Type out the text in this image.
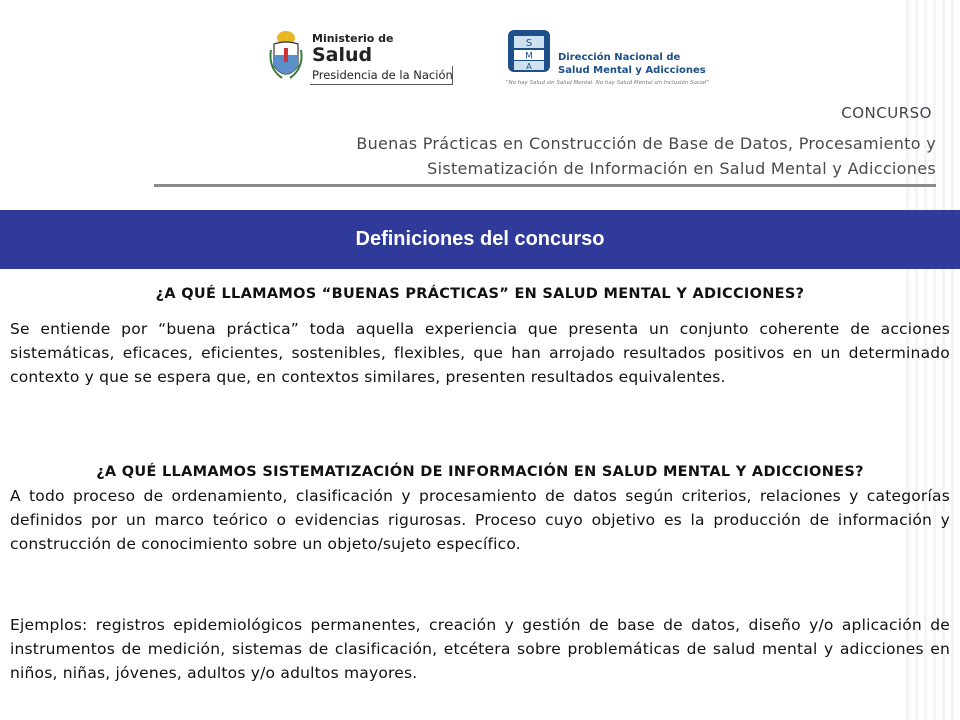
Ministerio de
Salud
Presidencia de la Nación
S
M
A
Dirección Nacional de
Salud Mental y Adicciones
"No hay Salud sin Salud Mental. No hay Salud Mental sin Inclusión Social"
CONCURSO
Buenas Prácticas en Construcción de Base de Datos, Procesamiento y
Sistematización de Información en Salud Mental y Adicciones
Definiciones del concurso

¿A QUÉ LLAMAMOS “BUENAS PRÁCTICAS” EN SALUD MENTAL Y ADICCIONES?

Se entiende por “buena práctica” toda aquella experiencia que presenta un conjunto coherente de acciones sistemáticas, eficaces, eficientes, sostenibles, flexibles, que han arrojado resultados positivos en un determinado contexto y que se espera que, en contextos similares, presenten resultados equivalentes.

¿A QUÉ LLAMAMOS SISTEMATIZACIÓN DE INFORMACIÓN EN SALUD MENTAL Y ADICCIONES?

A todo proceso de ordenamiento, clasificación y procesamiento de datos según criterios, relaciones y categorías definidos por un marco teórico o evidencias rigurosas. Proceso cuyo objetivo es la producción de información y construcción de conocimiento sobre un objeto/sujeto específico.

Ejemplos: registros epidemiológicos permanentes, creación y gestión de base de datos, diseño y/o aplicación de instrumentos de medición, sistemas de clasificación, etcétera sobre problemáticas de salud mental y adicciones en niños, niñas, jóvenes, adultos y/o adultos mayores.
